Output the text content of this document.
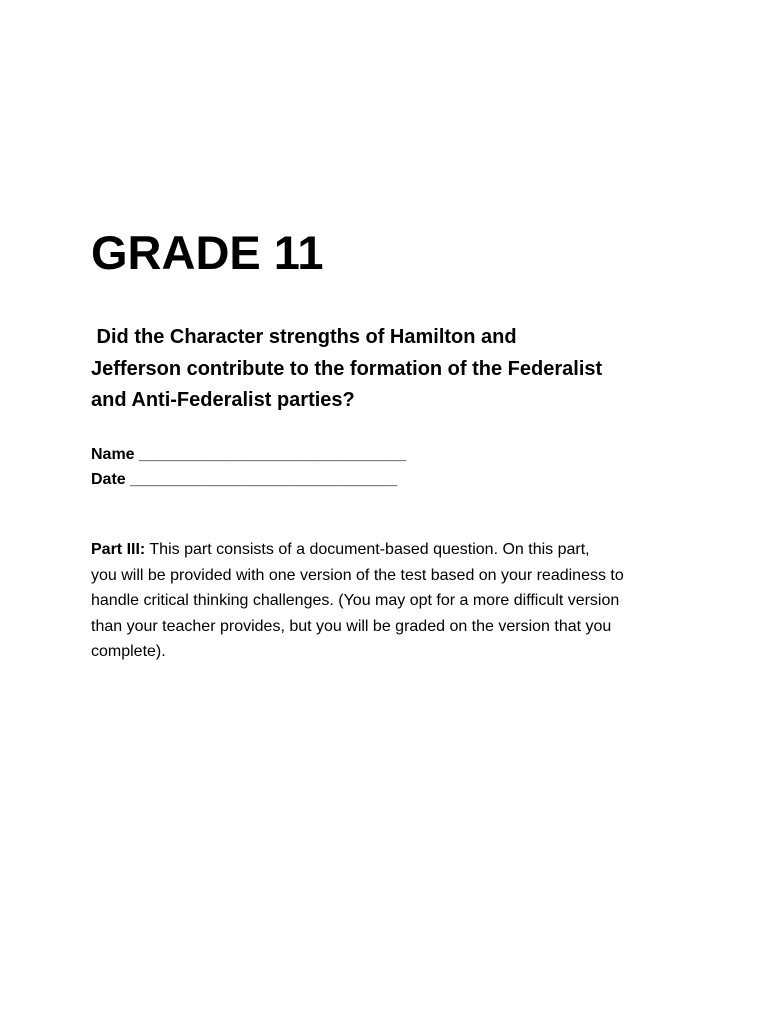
GRADE 11
Did the Character strengths of Hamilton and
Jefferson contribute to the formation of the Federalist
and Anti-Federalist parties?
Name ______________________________
Date ______________________________
Part III: This part consists of a document-based question. On this part,
you will be provided with one version of the test based on your readiness to
handle critical thinking challenges. (You may opt for a more difficult version
than your teacher provides, but you will be graded on the version that you
complete).
